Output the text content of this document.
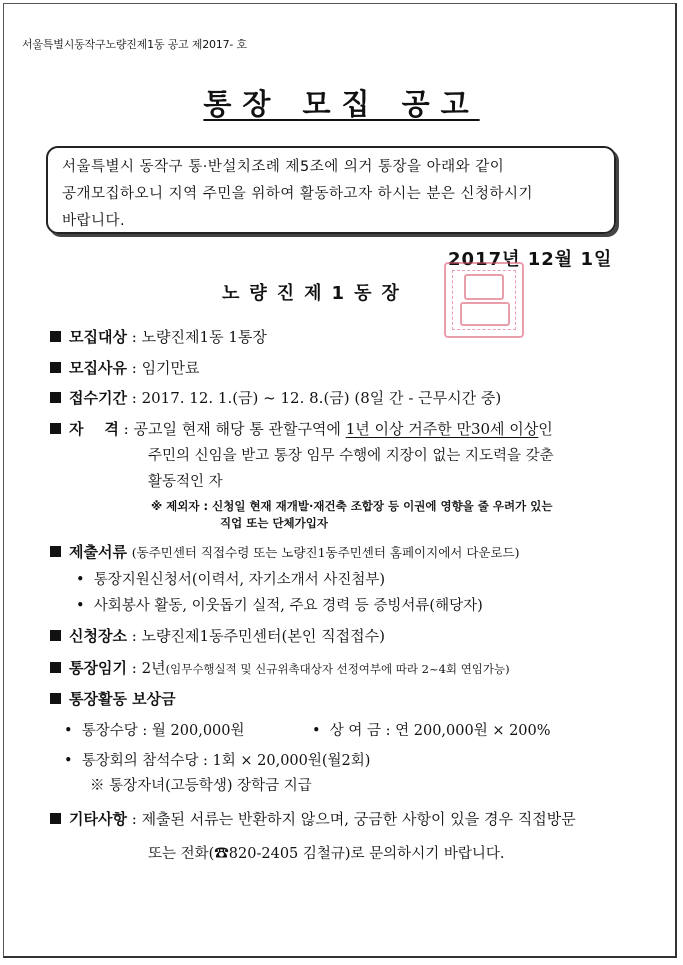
서울특별시동작구노량진제1동 공고 제2017- 호
통장 모집 공고
서울특별시 동작구 통·반설치조례 제5조에 의거 통장을 아래와 같이
공개모집하오니 지역 주민을 위하여 활동하고자 하시는 분은 신청하시기
바랍니다.
2017년 12월 1일
노량진제1동장
모집대상 : 노량진제1동 1통장
모집사유 : 임기만료
접수기간 : 2017. 12. 1.(금) ~ 12. 8.(금) (8일 간 - 근무시간 중)
자    격 : 공고일 현재 해당 통 관할구역에 1년 이상 거주한 만30세 이상인
주민의 신임을 받고 통장 임무 수행에 지장이 없는 지도력을 갖춘
활동적인 자
※ 제외자 : 신청일 현재 재개발·재건축 조합장 등 이권에 영향을 줄 우려가 있는
직업 또는 단체가입자
제출서류 (동주민센터 직접수령 또는 노량진1동주민센터 홈페이지에서 다운로드)
•  통장지원신청서(이력서, 자기소개서 사진첨부)
•  사회봉사 활동, 이웃돕기 실적, 주요 경력 등 증빙서류(해당자)
신청장소 : 노량진제1동주민센터(본인 직접접수)
통장임기 : 2년(임무수행실적 및 신규위촉대상자 선정여부에 따라 2~4회 연임가능)
통장활동 보상금
•  통장수당 : 월 200,000원	•  상 여 금 : 연 200,000원 × 200%
•  통장회의 참석수당 : 1회 × 20,000원(월2회)
※ 통장자녀(고등학생) 장학금 지급
기타사항 : 제출된 서류는 반환하지 않으며, 궁금한 사항이 있을 경우 직접방문
또는 전화(☎820-2405 김철규)로 문의하시기 바랍니다.
